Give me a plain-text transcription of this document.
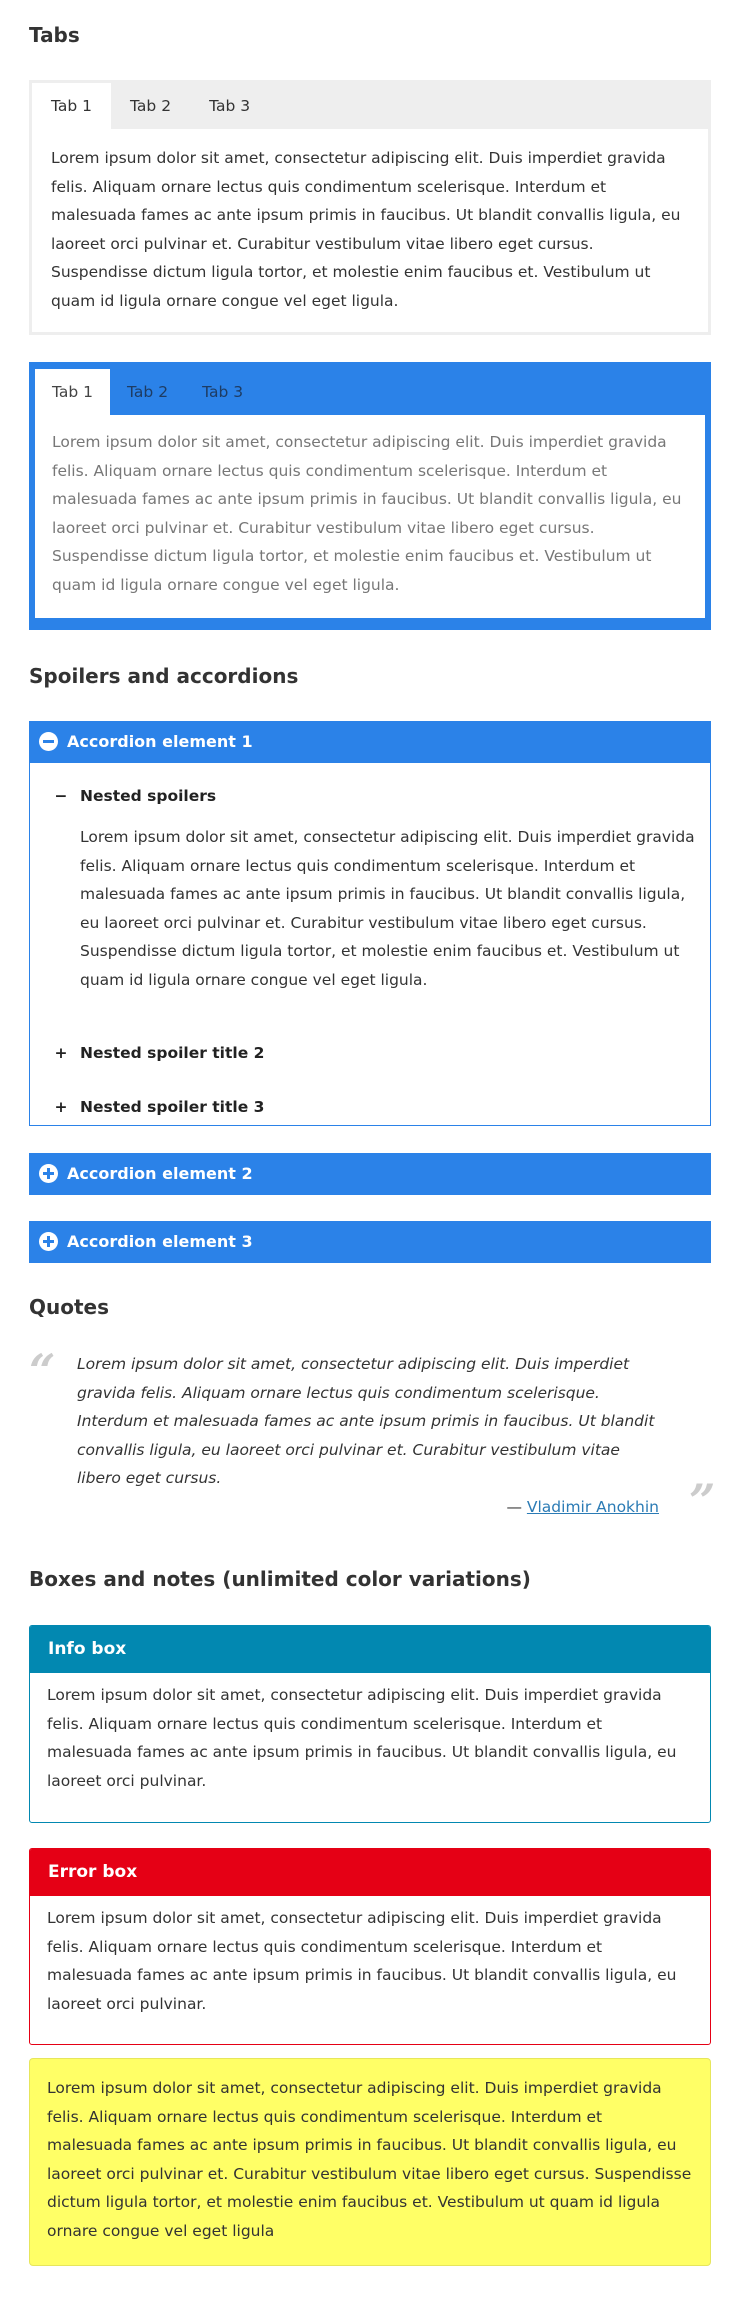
Tabs
Tab 1	Tab 2	Tab 3
Lorem ipsum dolor sit amet, consectetur adipiscing elit. Duis imperdiet gravida felis. Aliquam ornare lectus quis condimentum scelerisque. Interdum et malesuada fames ac ante ipsum primis in faucibus. Ut blandit convallis ligula, eu laoreet orci pulvinar et. Curabitur vestibulum vitae libero eget cursus. Suspendisse dictum ligula tortor, et molestie enim faucibus et. Vestibulum ut quam id ligula ornare congue vel eget ligula.
Tab 1	Tab 2	Tab 3
Lorem ipsum dolor sit amet, consectetur adipiscing elit. Duis imperdiet gravida felis. Aliquam ornare lectus quis condimentum scelerisque. Interdum et malesuada fames ac ante ipsum primis in faucibus. Ut blandit convallis ligula, eu laoreet orci pulvinar et. Curabitur vestibulum vitae libero eget cursus. Suspendisse dictum ligula tortor, et molestie enim faucibus et. Vestibulum ut quam id ligula ornare congue vel eget ligula.
Spoilers and accordions
Accordion element 1
− Nested spoilers
Lorem ipsum dolor sit amet, consectetur adipiscing elit. Duis imperdiet gravida felis. Aliquam ornare lectus quis condimentum scelerisque. Interdum et malesuada fames ac ante ipsum primis in faucibus. Ut blandit convallis ligula, eu laoreet orci pulvinar et. Curabitur vestibulum vitae libero eget cursus. Suspendisse dictum ligula tortor, et molestie enim faucibus et. Vestibulum ut quam id ligula ornare congue vel eget ligula.
+ Nested spoiler title 2
+ Nested spoiler title 3
Accordion element 2
Accordion element 3
Quotes
“ Lorem ipsum dolor sit amet, consectetur adipiscing elit. Duis imperdiet gravida felis. Aliquam ornare lectus quis condimentum scelerisque. Interdum et malesuada fames ac ante ipsum primis in faucibus. Ut blandit convallis ligula, eu laoreet orci pulvinar et. Curabitur vestibulum vitae libero eget cursus.
— Vladimir Anokhin ”
Boxes and notes (unlimited color variations)
Info box
Lorem ipsum dolor sit amet, consectetur adipiscing elit. Duis imperdiet gravida felis. Aliquam ornare lectus quis condimentum scelerisque. Interdum et malesuada fames ac ante ipsum primis in faucibus. Ut blandit convallis ligula, eu laoreet orci pulvinar.
Error box
Lorem ipsum dolor sit amet, consectetur adipiscing elit. Duis imperdiet gravida felis. Aliquam ornare lectus quis condimentum scelerisque. Interdum et malesuada fames ac ante ipsum primis in faucibus. Ut blandit convallis ligula, eu laoreet orci pulvinar.
Lorem ipsum dolor sit amet, consectetur adipiscing elit. Duis imperdiet gravida felis. Aliquam ornare lectus quis condimentum scelerisque. Interdum et malesuada fames ac ante ipsum primis in faucibus. Ut blandit convallis ligula, eu laoreet orci pulvinar et. Curabitur vestibulum vitae libero eget cursus. Suspendisse dictum ligula tortor, et molestie enim faucibus et. Vestibulum ut quam id ligula ornare congue vel eget ligula
